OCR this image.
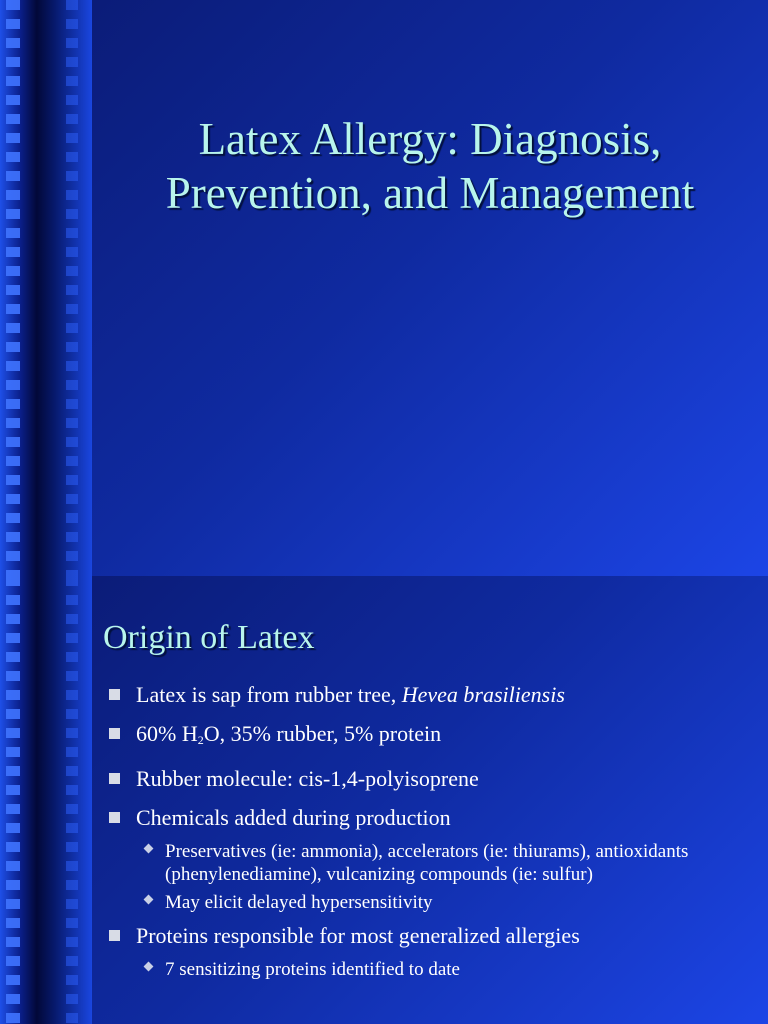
Latex Allergy: Diagnosis,
Prevention, and Management
Origin of Latex
Latex is sap from rubber tree, Hevea brasiliensis
60% $H_2O$, 35% rubber, 5% protein
Rubber molecule: cis-1,4-polyisoprene
Chemicals added during production
Preservatives (ie: ammonia), accelerators (ie: thiurams), antioxidants (phenylenediamine), vulcanizing compounds (ie: sulfur)
May elicit delayed hypersensitivity
Proteins responsible for most generalized allergies
7 sensitizing proteins identified to date
